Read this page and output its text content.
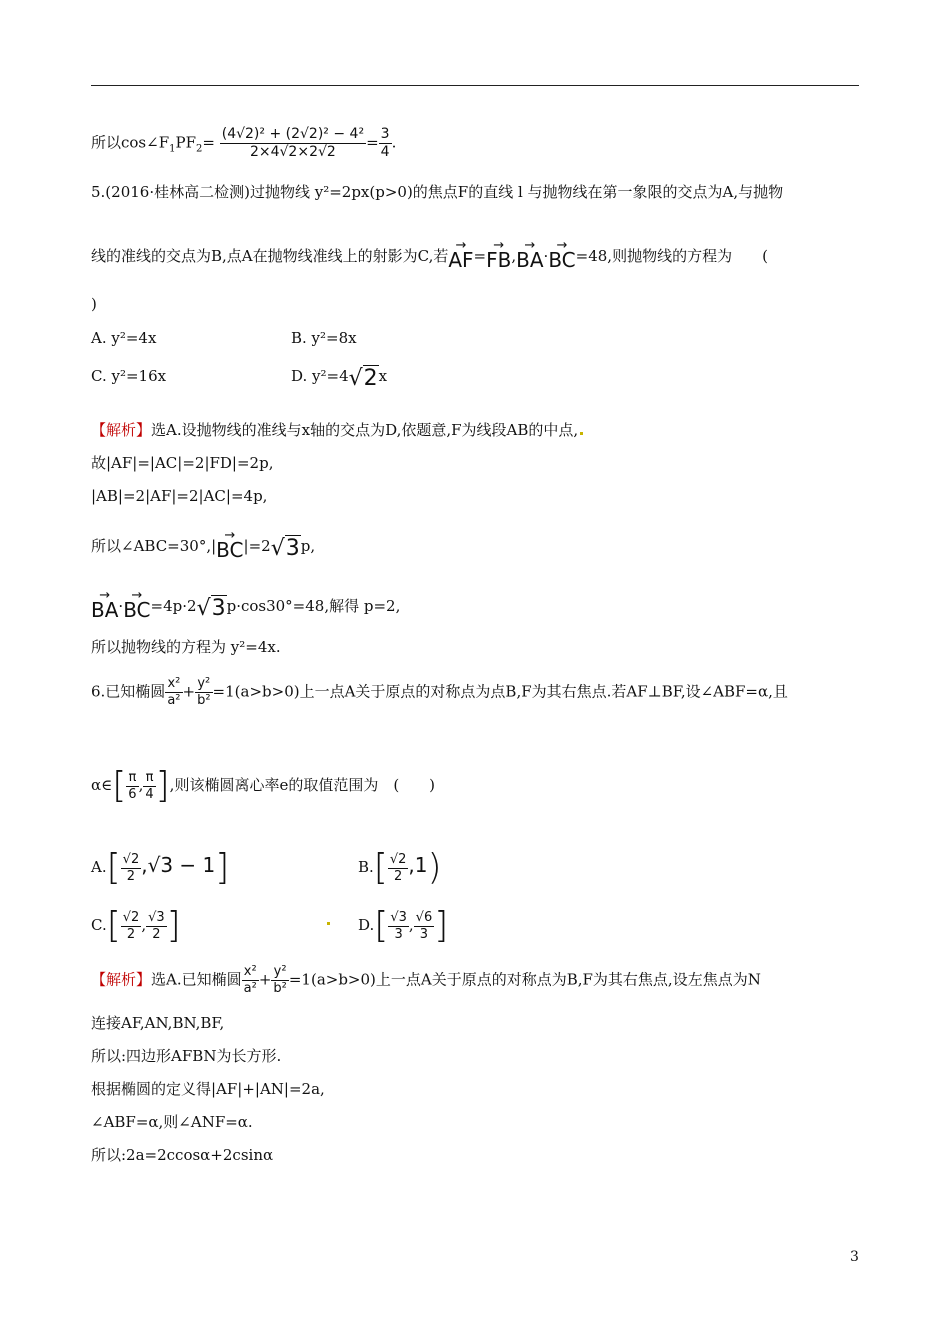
所以$\cos\angle F_1PF_2= \frac{\text{(4√2)² + (2√2)² − 4²}}{2\times 4√2\times 2√2} = \frac{3}{4}$ .
5.(2016·桂林高二检测)过抛物线 y²=2px(p>0)的焦点F的直线 l 与抛物线在第一象限的交点为A,与抛物
线的准线的交点为B,点A在抛物线准线上的射影为C,若→ AF=→ FB,→ BA·→ BC=48,则抛物线的方程为　　(
)
A. y²=4x	B. y²=8x
C. y²=16x	D. y²=4√2x
【解析】选A.设抛物线的准线与x轴的交点为D,依题意,F为线段AB的中点,
故|AF|=|AC|=2|FD|=2p,
|AB|=2|AF|=2|AC|=4p,
所以∠ABC=30°,|→ BC|=2√3p,
→ BA·→ BC=4p·2√3p·cos30°=48,解得 p=2,
所以抛物线的方程为 y²=4x.
6.已知椭圆 $\frac{\text{x²}}{\text{a²}} + \frac{\text{y²}}{\text{b²}} =1(a>b>0)$上一点A关于原点的对称点为点B,F为其右焦点.若AF⊥BF,设∠ABF=α,且
α∈[ $\frac{\pi}{6}$ , $\frac{\pi}{4}$ ],则该椭圆离心率e的取值范围为　(　　)
$A.[ \frac{√2}{2} ,√3 - 1]$	$B.[ \frac{√2}{2} ,1)$
$C.[ \frac{√2}{2}$ , $\frac{√3}{2}$ ]	$D.[ \frac{√3}{3}$ , $\frac{√6}{3}$ ]
【解析】选A.已知椭圆 $\frac{\text{x²}}{\text{a²}} + \frac{\text{y²}}{\text{b²}} =1(a>b>0)$上一点A关于原点的对称点为B,F为其右焦点,设左焦点为N
连接AF,AN,BN,BF,
所以:四边形AFBN为长方形.
根据椭圆的定义得|AF|+|AN|=2a,
∠ABF=α,则∠ANF=α.
所以:2a=2ccosα+2csinα
3
